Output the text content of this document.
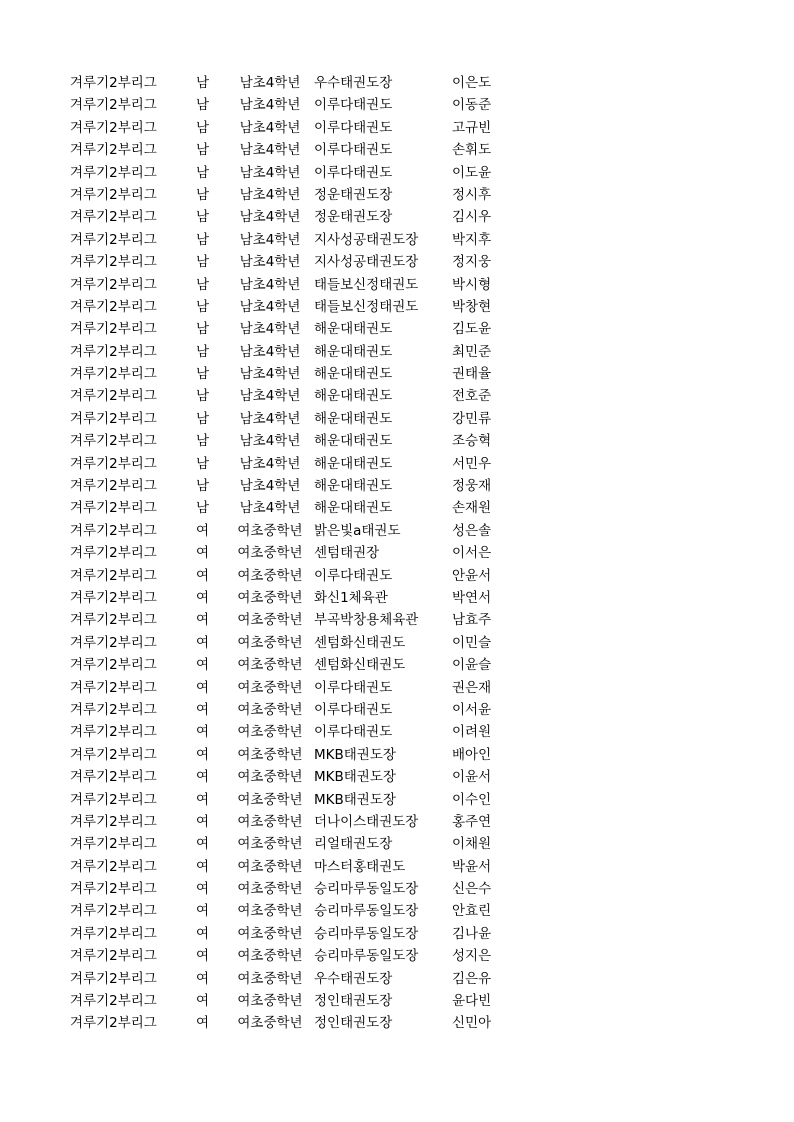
겨루기2부리그	남	남초4학년	우수태권도장	이은도
겨루기2부리그	남	남초4학년	이루다태권도	이동준
겨루기2부리그	남	남초4학년	이루다태권도	고규빈
겨루기2부리그	남	남초4학년	이루다태권도	손휘도
겨루기2부리그	남	남초4학년	이루다태권도	이도윤
겨루기2부리그	남	남초4학년	정운태권도장	정시후
겨루기2부리그	남	남초4학년	정운태권도장	김시우
겨루기2부리그	남	남초4학년	지사성공태권도장	박지후
겨루기2부리그	남	남초4학년	지사성공태권도장	정지웅
겨루기2부리그	남	남초4학년	태들보신정태권도	박시형
겨루기2부리그	남	남초4학년	태들보신정태권도	박창현
겨루기2부리그	남	남초4학년	해운대태권도	김도윤
겨루기2부리그	남	남초4학년	해운대태권도	최민준
겨루기2부리그	남	남초4학년	해운대태권도	권태율
겨루기2부리그	남	남초4학년	해운대태권도	전호준
겨루기2부리그	남	남초4학년	해운대태권도	강민류
겨루기2부리그	남	남초4학년	해운대태권도	조승혁
겨루기2부리그	남	남초4학년	해운대태권도	서민우
겨루기2부리그	남	남초4학년	해운대태권도	정웅재
겨루기2부리그	남	남초4학년	해운대태권도	손재원
겨루기2부리그	여	여초중학년 밝은빛a태권도	성은솔
겨루기2부리그	여	여초중학년 센텀태권장	이서은
겨루기2부리그	여	여초중학년 이루다태권도	안윤서
겨루기2부리그	여	여초중학년 화신1체육관	박연서
겨루기2부리그	여	여초중학년 부곡박창용체육관	남효주
겨루기2부리그	여	여초중학년 센텀화신태권도	이민슬
겨루기2부리그	여	여초중학년 센텀화신태권도	이윤슬
겨루기2부리그	여	여초중학년 이루다태권도	권은재
겨루기2부리그	여	여초중학년 이루다태권도	이서윤
겨루기2부리그	여	여초중학년 이루다태권도	이려원
겨루기2부리그	여	여초중학년 MKB태권도장	배아인
겨루기2부리그	여	여초중학년 MKB태권도장	이윤서
겨루기2부리그	여	여초중학년 MKB태권도장	이수인
겨루기2부리그	여	여초중학년 더나이스태권도장	홍주연
겨루기2부리그	여	여초중학년 리얼태권도장	이채원
겨루기2부리그	여	여초중학년 마스터홍태권도	박윤서
겨루기2부리그	여	여초중학년 승리마루동일도장	신은수
겨루기2부리그	여	여초중학년 승리마루동일도장	안효린
겨루기2부리그	여	여초중학년 승리마루동일도장	김나윤
겨루기2부리그	여	여초중학년 승리마루동일도장	성지은
겨루기2부리그	여	여초중학년 우수태권도장	김은유
겨루기2부리그	여	여초중학년 정인태권도장	윤다빈
겨루기2부리그	여	여초중학년 정인태권도장	신민아
